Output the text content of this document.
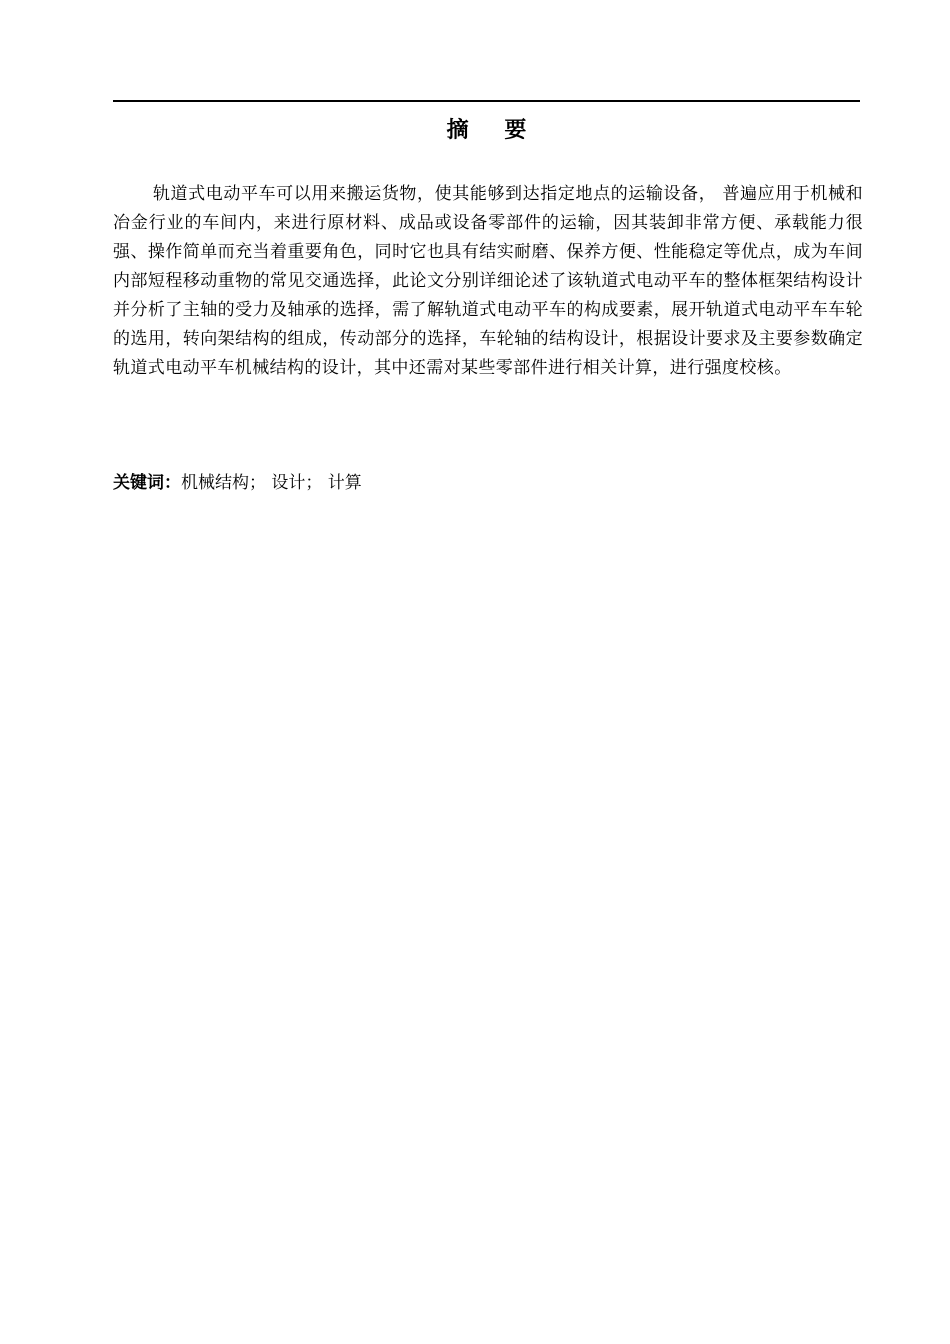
摘 要
轨道式电动平车可以用来搬运货物，使其能够到达指定地点的运输设备， 普遍应用于机械和冶金行业的车间内，来进行原材料、成品或设备零部件的运输，因其装卸非常方便、承载能力很强、操作简单而充当着重要角色，同时它也具有结实耐磨、保养方便、性能稳定等优点，成为车间内部短程移动重物的常见交通选择，此论文分别详细论述了该轨道式电动平车的整体框架结构设计并分析了主轴的受力及轴承的选择，需了解轨道式电动平车的构成要素，展开轨道式电动平车车轮的选用，转向架结构的组成，传动部分的选择，车轮轴的结构设计，根据设计要求及主要参数确定轨道式电动平车机械结构的设计，其中还需对某些零部件进行相关计算，进行强度校核。
关键词：机械结构； 设计； 计算
